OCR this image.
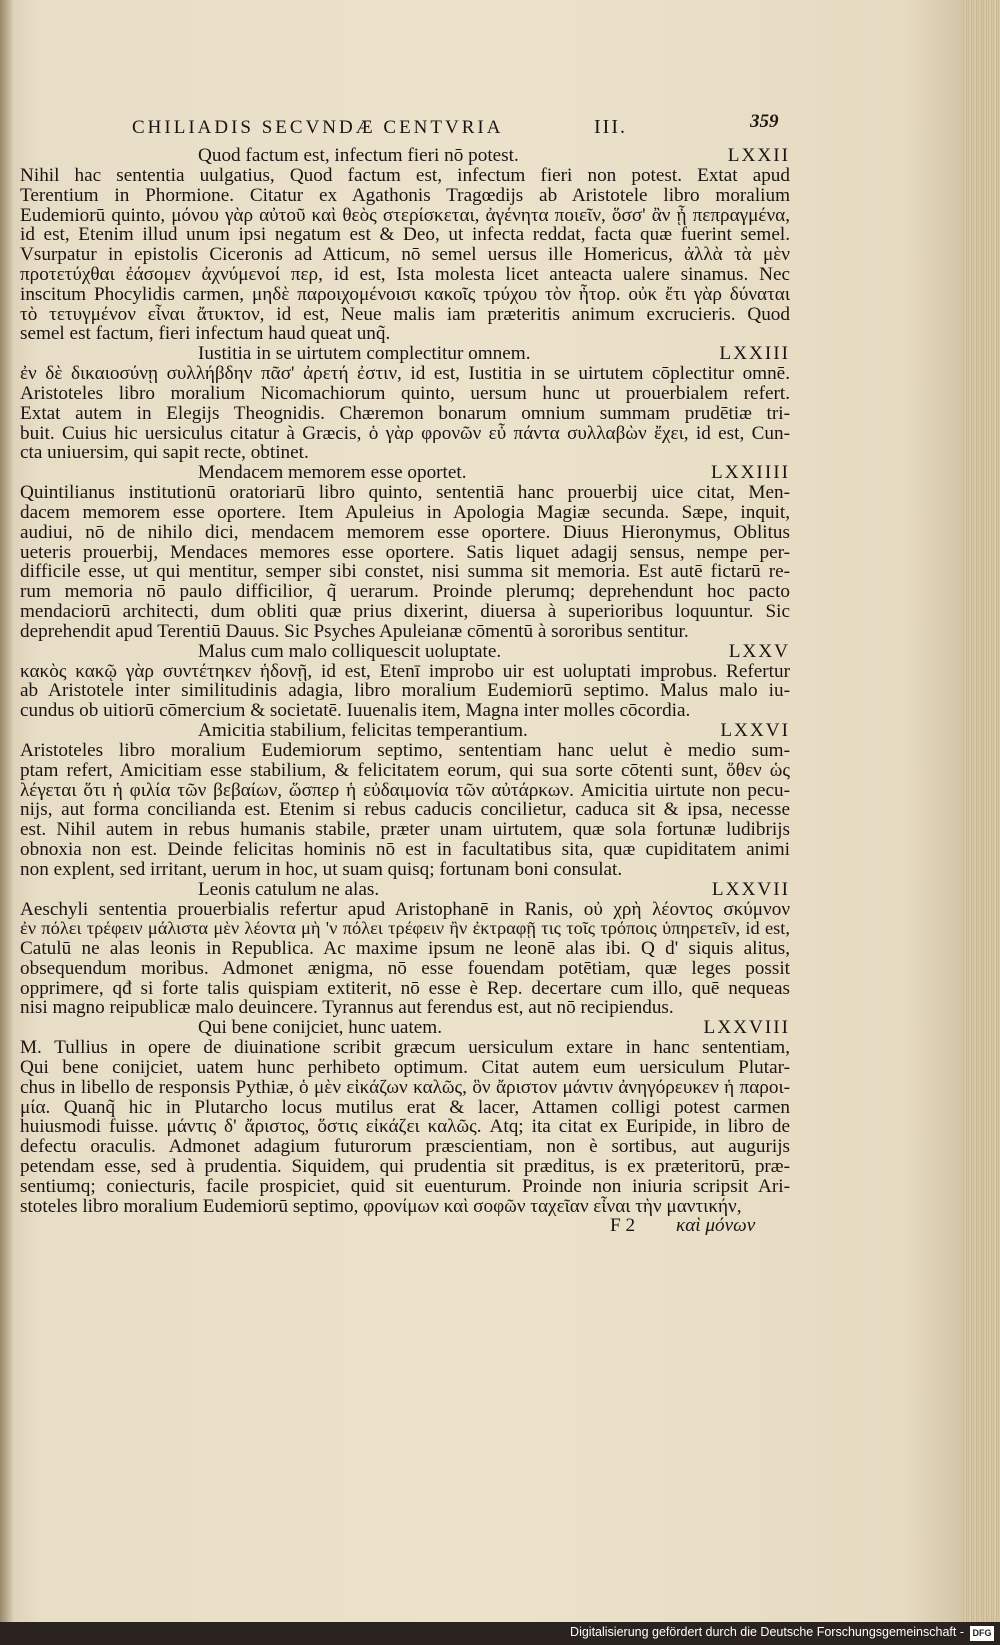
CHILIADIS SECVNDÆ CENTVRIA	III.	359
Quod factum est, infectum fieri nō potest.	LXXII
Nihil hac sententia uulgatius, Quod factum est, infectum fieri non potest. Extat apud
Terentium in Phormione. Citatur ex Agathonis Tragœdijs ab Aristotele libro moralium
Eudemiorū quinto, μόνου γὰρ αὐτοῦ καὶ θεὸς στερίσκεται, ἀγένητα ποιεῖν, ὅσσ' ἂν ᾖ πεπραγμένα,
id est, Etenim illud unum ipsi negatum est & Deo, ut infecta reddat, facta quæ fuerint semel.
Vsurpatur in epistolis Ciceronis ad Atticum, nō semel uersus ille Homericus, ἀλλὰ τὰ μὲν
προτετύχθαι ἐάσομεν ἀχνύμενοί περ, id est, Ista molesta licet anteacta ualere sinamus. Nec
inscitum Phocylidis carmen, μηδὲ παροιχομένοισι κακοῖς τρύχου τὸν ἦτορ. οὐκ ἔτι γὰρ δύναται
τὸ τετυγμένον εἶναι ἄτυκτον, id est, Neue malis iam præteritis animum excrucieris. Quod
semel est factum, fieri infectum haud queat unq̃.
Iustitia in se uirtutem complectitur omnem.	LXXIII
ἐν δὲ δικαιοσύνῃ συλλήβδην πᾶσ' ἀρετή ἐστιν, id est, Iustitia in se uirtutem cōplectitur omnē.
Aristoteles libro moralium Nicomachiorum quinto, uersum hunc ut prouerbialem refert.
Extat autem in Elegijs Theognidis. Chæremon bonarum omnium summam prudētiæ tri-
buit. Cuius hic uersiculus citatur à Græcis, ὁ γὰρ φρονῶν εὖ πάντα συλλαβὼν ἔχει, id est, Cun-
cta uniuersim, qui sapit recte, obtinet.
Mendacem memorem esse oportet.	LXXIIII
Quintilianus institutionū oratoriarū libro quinto, sententiā hanc prouerbij uice citat, Men-
dacem memorem esse oportere. Item Apuleius in Apologia Magiæ secunda. Sæpe, inquit,
audiui, nō de nihilo dici, mendacem memorem esse oportere. Diuus Hieronymus, Oblitus
ueteris prouerbij, Mendaces memores esse oportere. Satis liquet adagij sensus, nempe per-
difficile esse, ut qui mentitur, semper sibi constet, nisi summa sit memoria. Est autē fictarū re-
rum memoria nō paulo difficilior, q̃ uerarum. Proinde plerumq; deprehendunt hoc pacto
mendaciorū architecti, dum obliti quæ prius dixerint, diuersa à superioribus loquuntur. Sic
deprehendit apud Terentiū Dauus. Sic Psyches Apuleianæ cōmentū à sororibus sentitur.
Malus cum malo colliquescit uoluptate.	LXXV
κακὸς κακῷ γὰρ συντέτηκεν ἡδονῇ, id est, Etenī improbo uir est uoluptati improbus. Refertur
ab Aristotele inter similitudinis adagia, libro moralium Eudemiorū septimo. Malus malo iu-
cundus ob uitiorū cōmercium & societatē. Iuuenalis item, Magna inter molles cōcordia.
Amicitia stabilium, felicitas temperantium.	LXXVI
Aristoteles libro moralium Eudemiorum septimo, sententiam hanc uelut è medio sum-
ptam refert, Amicitiam esse stabilium, & felicitatem eorum, qui sua sorte cōtenti sunt, ὅθεν ὡς
λέγεται ὅτι ἡ φιλία τῶν βεβαίων, ὥσπερ ἡ εὐδαιμονία τῶν αὐτάρκων. Amicitia uirtute non pecu-
nijs, aut forma concilianda est. Etenim si rebus caducis concilietur, caduca sit & ipsa, necesse
est. Nihil autem in rebus humanis stabile, præter unam uirtutem, quæ sola fortunæ ludibrijs
obnoxia non est. Deinde felicitas hominis nō est in facultatibus sita, quæ cupiditatem animi
non explent, sed irritant, uerum in hoc, ut suam quisq; fortunam boni consulat.
Leonis catulum ne alas.	LXXVII
Aeschyli sententia prouerbialis refertur apud Aristophanē in Ranis, οὐ χρὴ λέοντος σκύμνον
ἐν πόλει τρέφειν μάλιστα μὲν λέοντα μὴ 'ν πόλει τρέφειν ἢν ἐκτραφῇ τις τοῖς τρόποις ὑπηρετεῖν, id est,
Catulū ne alas leonis in Republica. Ac maxime ipsum ne leonē alas ibi. Q d' siquis alitus,
obsequendum moribus. Admonet ænigma, nō esse fouendam potētiam, quæ leges possit
opprimere, qđ si forte talis quispiam extiterit, nō esse è Rep. decertare cum illo, quē nequeas
nisi magno reipublicæ malo deuincere. Tyrannus aut ferendus est, aut nō recipiendus.
Qui bene conijciet, hunc uatem.	LXXVIII
M. Tullius in opere de diuinatione scribit græcum uersiculum extare in hanc sententiam,
Qui bene conijciet, uatem hunc perhibeto optimum. Citat autem eum uersiculum Plutar-
chus in libello de responsis Pythiæ, ὁ μὲν εἰκάζων καλῶς, ὃν ἄριστον μάντιν ἀνηγόρευκεν ἡ παροι-
μία. Quanq̃ hic in Plutarcho locus mutilus erat & lacer, Attamen colligi potest carmen
huiusmodi fuisse. μάντις δ' ἄριστος, ὅστις εἰκάζει καλῶς. Atq; ita citat ex Euripide, in libro de
defectu oraculis. Admonet adagium futurorum præscientiam, non è sortibus, aut augurijs
petendam esse, sed à prudentia. Siquidem, qui prudentia sit præditus, is ex præteritorū, præ-
sentiumq; coniecturis, facile prospiciet, quid sit euenturum. Proinde non iniuria scripsit Ari-
stoteles libro moralium Eudemiorū septimo, φρονίμων καὶ σοφῶν ταχεῖαν εἶναι τὴν μαντικήν,
F 2 καὶ μόνων
Digitalisierung gefördert durch die Deutsche Forschungsgemeinschaft - DFG
